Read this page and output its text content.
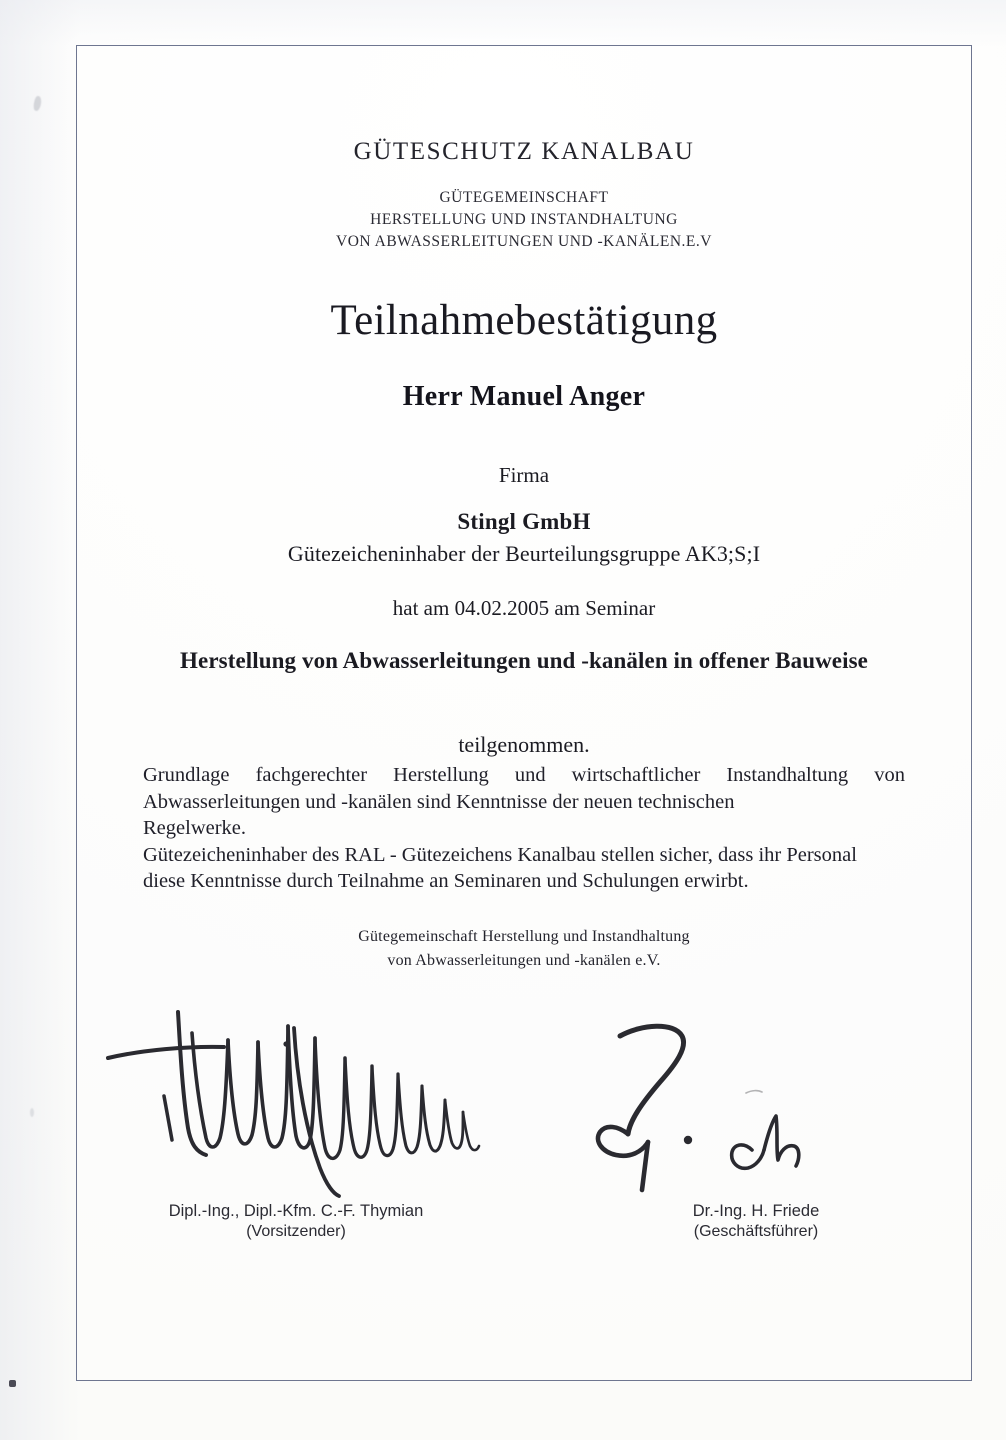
GÜTESCHUTZ KANALBAU
GÜTEGEMEINSCHAFT
HERSTELLUNG UND INSTANDHALTUNG
VON ABWASSERLEITUNGEN UND -KANÄLEN.E.V
Teilnahmebestätigung
Herr Manuel Anger
Firma
Stingl GmbH
Gütezeicheninhaber der Beurteilungsgruppe AK3;S;I
hat am 04.02.2005 am Seminar
Herstellung von Abwasserleitungen und -kanälen in offener Bauweise
teilgenommen.

Grundlage fachgerechter Herstellung und wirtschaftlicher Instandhaltung von Abwasserleitungen und -kanälen sind Kenntnisse der neuen technischen
Regelwerke.

Gütezeicheninhaber des RAL - Gütezeichens Kanalbau stellen sicher, dass ihr Personal
diese Kenntnisse durch Teilnahme an Seminaren und Schulungen erwirbt.

Gütegemeinschaft Herstellung und Instandhaltung
von Abwasserleitungen und -kanälen e.V.
Dipl.-Ing., Dipl.-Kfm. C.-F. Thymian
(Vorsitzender)
Dr.-Ing. H. Friede
(Geschäftsführer)
